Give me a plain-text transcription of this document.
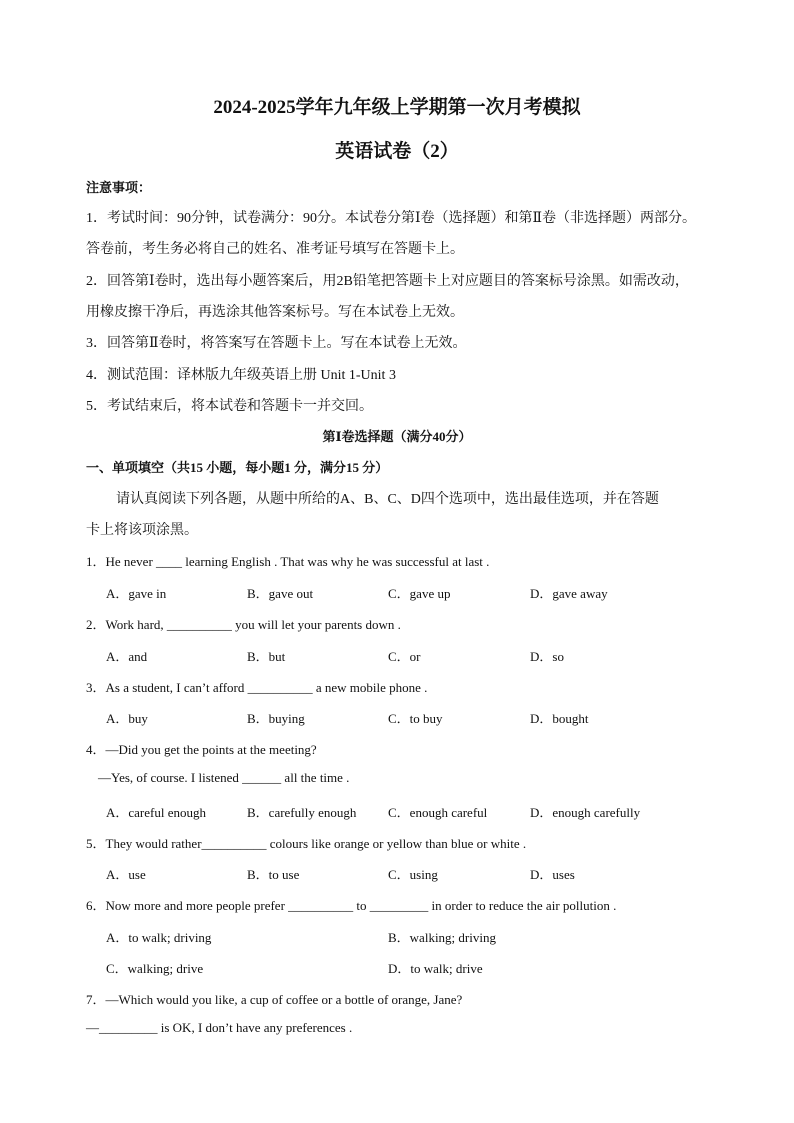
2024-2025学年九年级上学期第一次月考模拟
英语试卷（2）
注意事项：
1．考试时间：90分钟，试卷满分：90分。本试卷分第Ⅰ卷（选择题）和第Ⅱ卷（非选择题）两部分。
答卷前，考生务必将自己的姓名、准考证号填写在答题卡上。
2．回答第Ⅰ卷时，选出每小题答案后，用2B铅笔把答题卡上对应题目的答案标号涂黑。如需改动，
用橡皮擦干净后，再选涂其他答案标号。写在本试卷上无效。
3．回答第Ⅱ卷时，将答案写在答题卡上。写在本试卷上无效。
4．测试范围：译林版九年级英语上册 Unit 1-Unit 3
5．考试结束后，将本试卷和答题卡一并交回。
第Ⅰ卷选择题（满分40分）
一、单项填空（共15 小题，每小题1 分，满分15 分）
请认真阅读下列各题，从题中所给的A、B、C、D四个选项中，选出最佳选项，并在答题
卡上将该项涂黑。
1．He never ____ learning English . That was why he was successful at last .
A．gave in	B．gave out	C．gave up	D．gave away
2．Work hard, __________ you will let your parents down .
A．and	B．but	C．or	D．so
3．As a student, I can’t afford __________ a new mobile phone .
A．buy	B．buying	C．to buy	D．bought
4．—Did you get the points at the meeting?
—Yes, of course. I listened ______ all the time .
A．careful enough	B．carefully enough C．enough careful	D．enough carefully
5．They would rather__________ colours like orange or yellow than blue or white .
A．use	B．to use	C．using	D．uses
6．Now more and more people prefer __________ to _________ in order to reduce the air pollution .
A．to walk; driving	B．walking; driving
C．walking; drive	D．to walk; drive
7．—Which would you like, a cup of coffee or a bottle of orange, Jane?
—_________ is OK, I don’t have any preferences .
